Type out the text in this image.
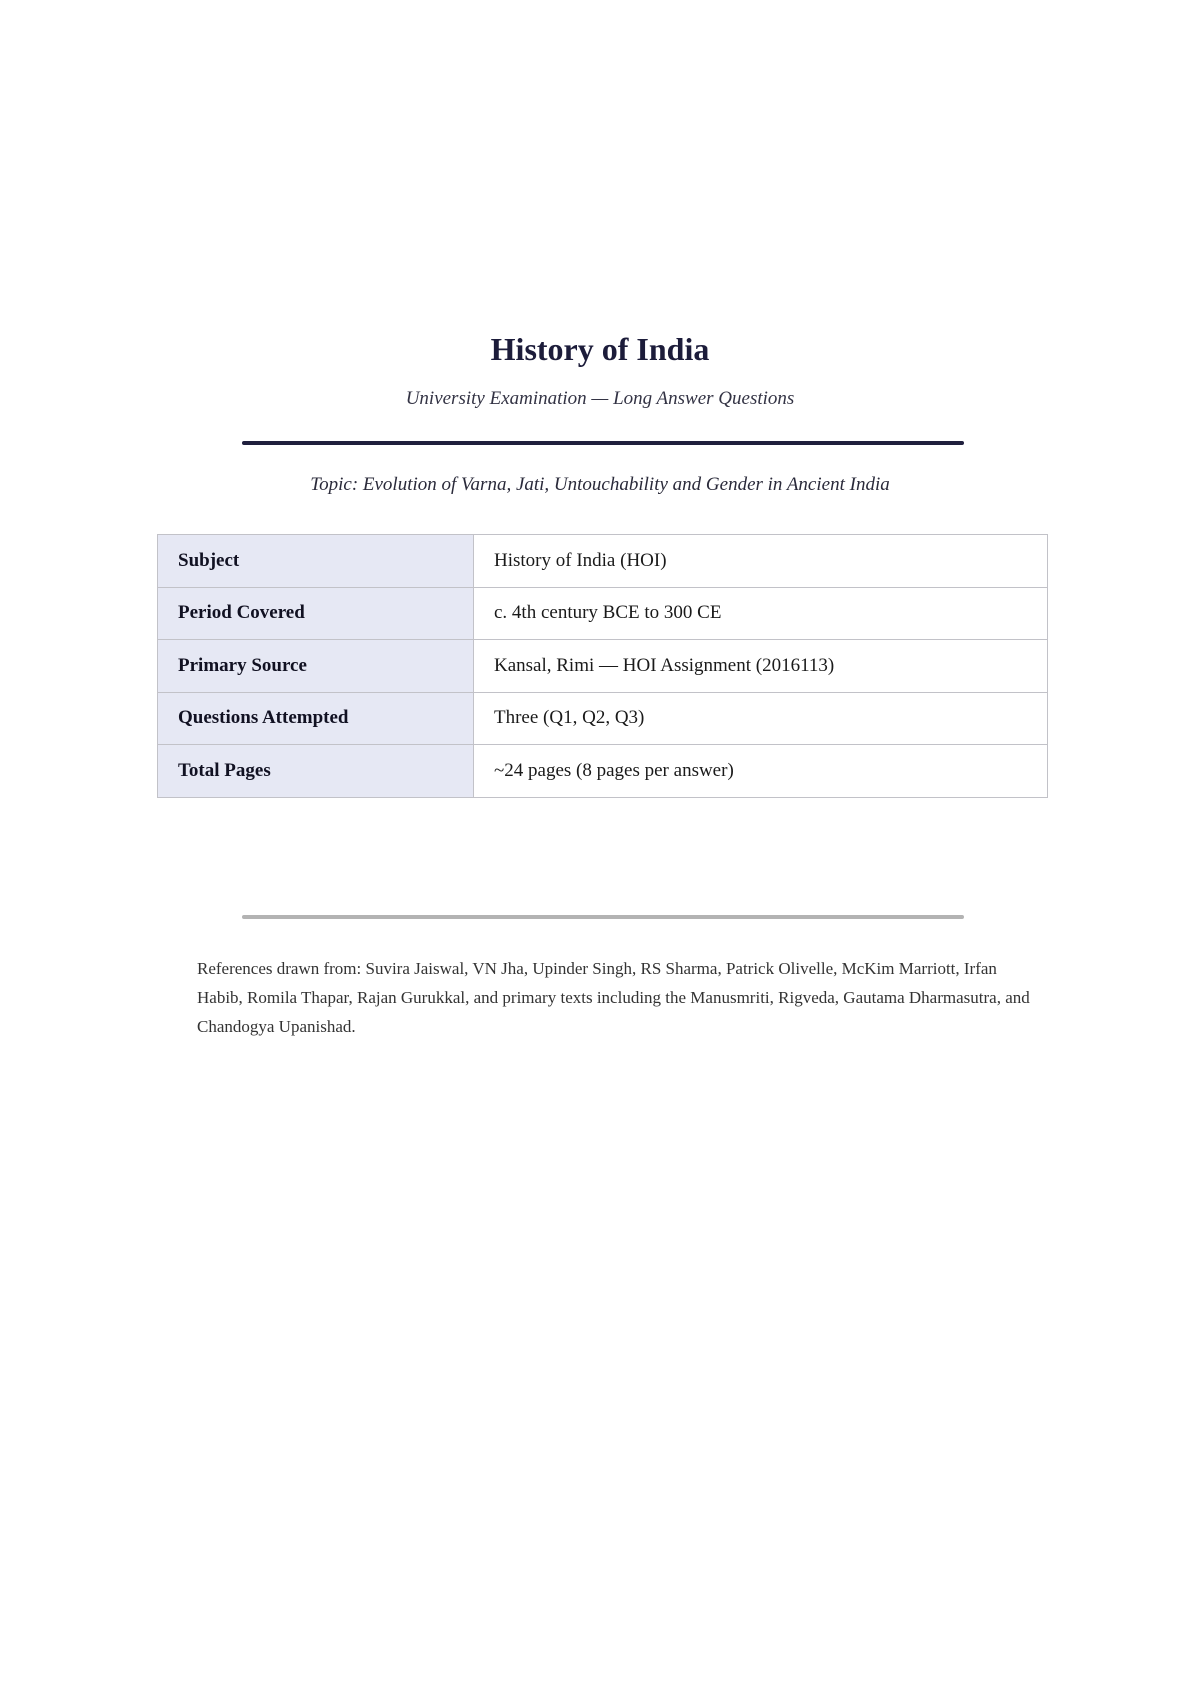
History of India
University Examination — Long Answer Questions
Topic: Evolution of Varna, Jati, Untouchability and Gender in Ancient India
Subject	History of India (HOI)
Period Covered	c. 4th century BCE to 300 CE
Primary Source	Kansal, Rimi — HOI Assignment (2016113)
Questions Attempted	Three (Q1, Q2, Q3)
Total Pages	~24 pages (8 pages per answer)

References drawn from: Suvira Jaiswal, VN Jha, Upinder Singh, RS Sharma, Patrick Olivelle, McKim Marriott, Irfan Habib, Romila Thapar, Rajan Gurukkal, and primary texts including the Manusmriti, Rigveda, Gautama Dharmasutra, and Chandogya Upanishad.
